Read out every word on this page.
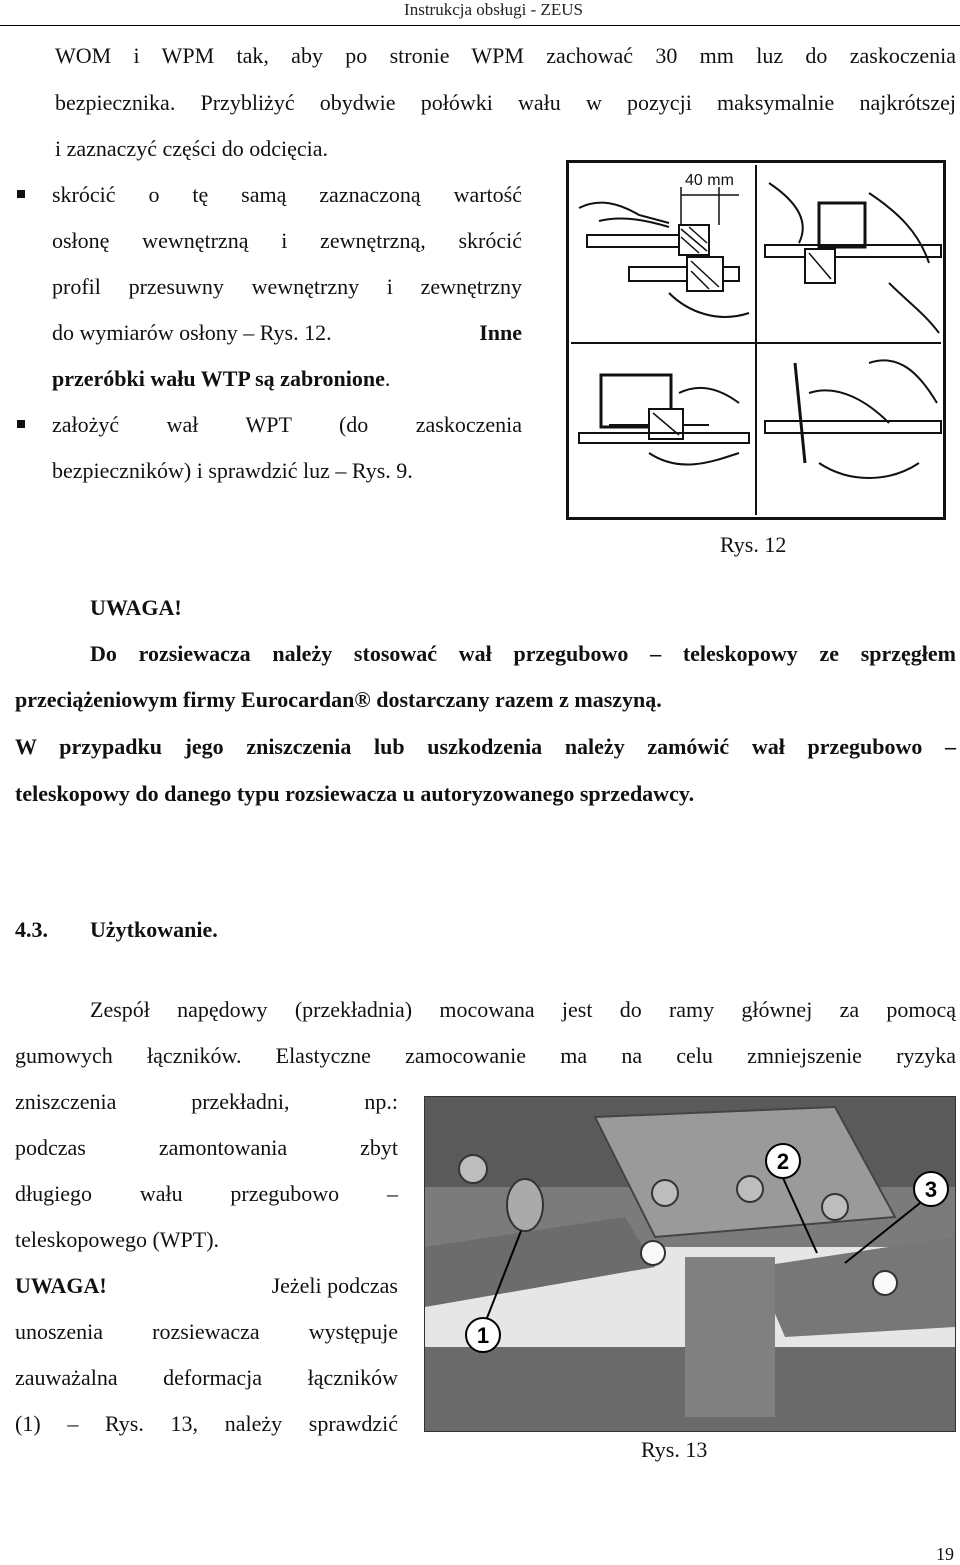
Instrukcja obsługi - ZEUS
WOM i WPM tak, aby po stronie WPM zachować 30 mm luz do zaskoczenia
bezpiecznika. Przybliżyć obydwie połówki wału w pozycji maksymalnie najkrótszej
i zaznaczyć części do odcięcia.
skrócić o tę samą zaznaczoną wartość
osłonę wewnętrzną i zewnętrzną, skrócić
profil przesuwny wewnętrzny i zewnętrzny
do wymiarów osłony – Rys. 12.	Inne
przeróbki wału WTP są zabronione.
założyć wał WPT (do zaskoczenia
bezpieczników) i sprawdzić luz – Rys. 9.
40 mm
Rys. 12
UWAGA!
Do rozsiewacza należy stosować wał przegubowo – teleskopowy ze sprzęgłem
przeciążeniowym firmy Eurocardan® dostarczany razem z maszyną.
W przypadku jego zniszczenia lub uszkodzenia należy zamówić wał przegubowo –
teleskopowy do danego typu rozsiewacza u autoryzowanego sprzedawcy.
4.3. Użytkowanie.
Zespół napędowy (przekładnia) mocowana jest do ramy głównej za pomocą
gumowych łączników. Elastyczne zamocowanie ma na celu zmniejszenie ryzyka
zniszczenia przekładni, np.:
podczas zamontowania zbyt
długiego wału przegubowo –
teleskopowego (WPT).
UWAGA!	Jeżeli podczas
unoszenia rozsiewacza występuje
zauważalna deformacja łączników
(1) – Rys. 13, należy sprawdzić
2
3
1
Rys. 13
19
